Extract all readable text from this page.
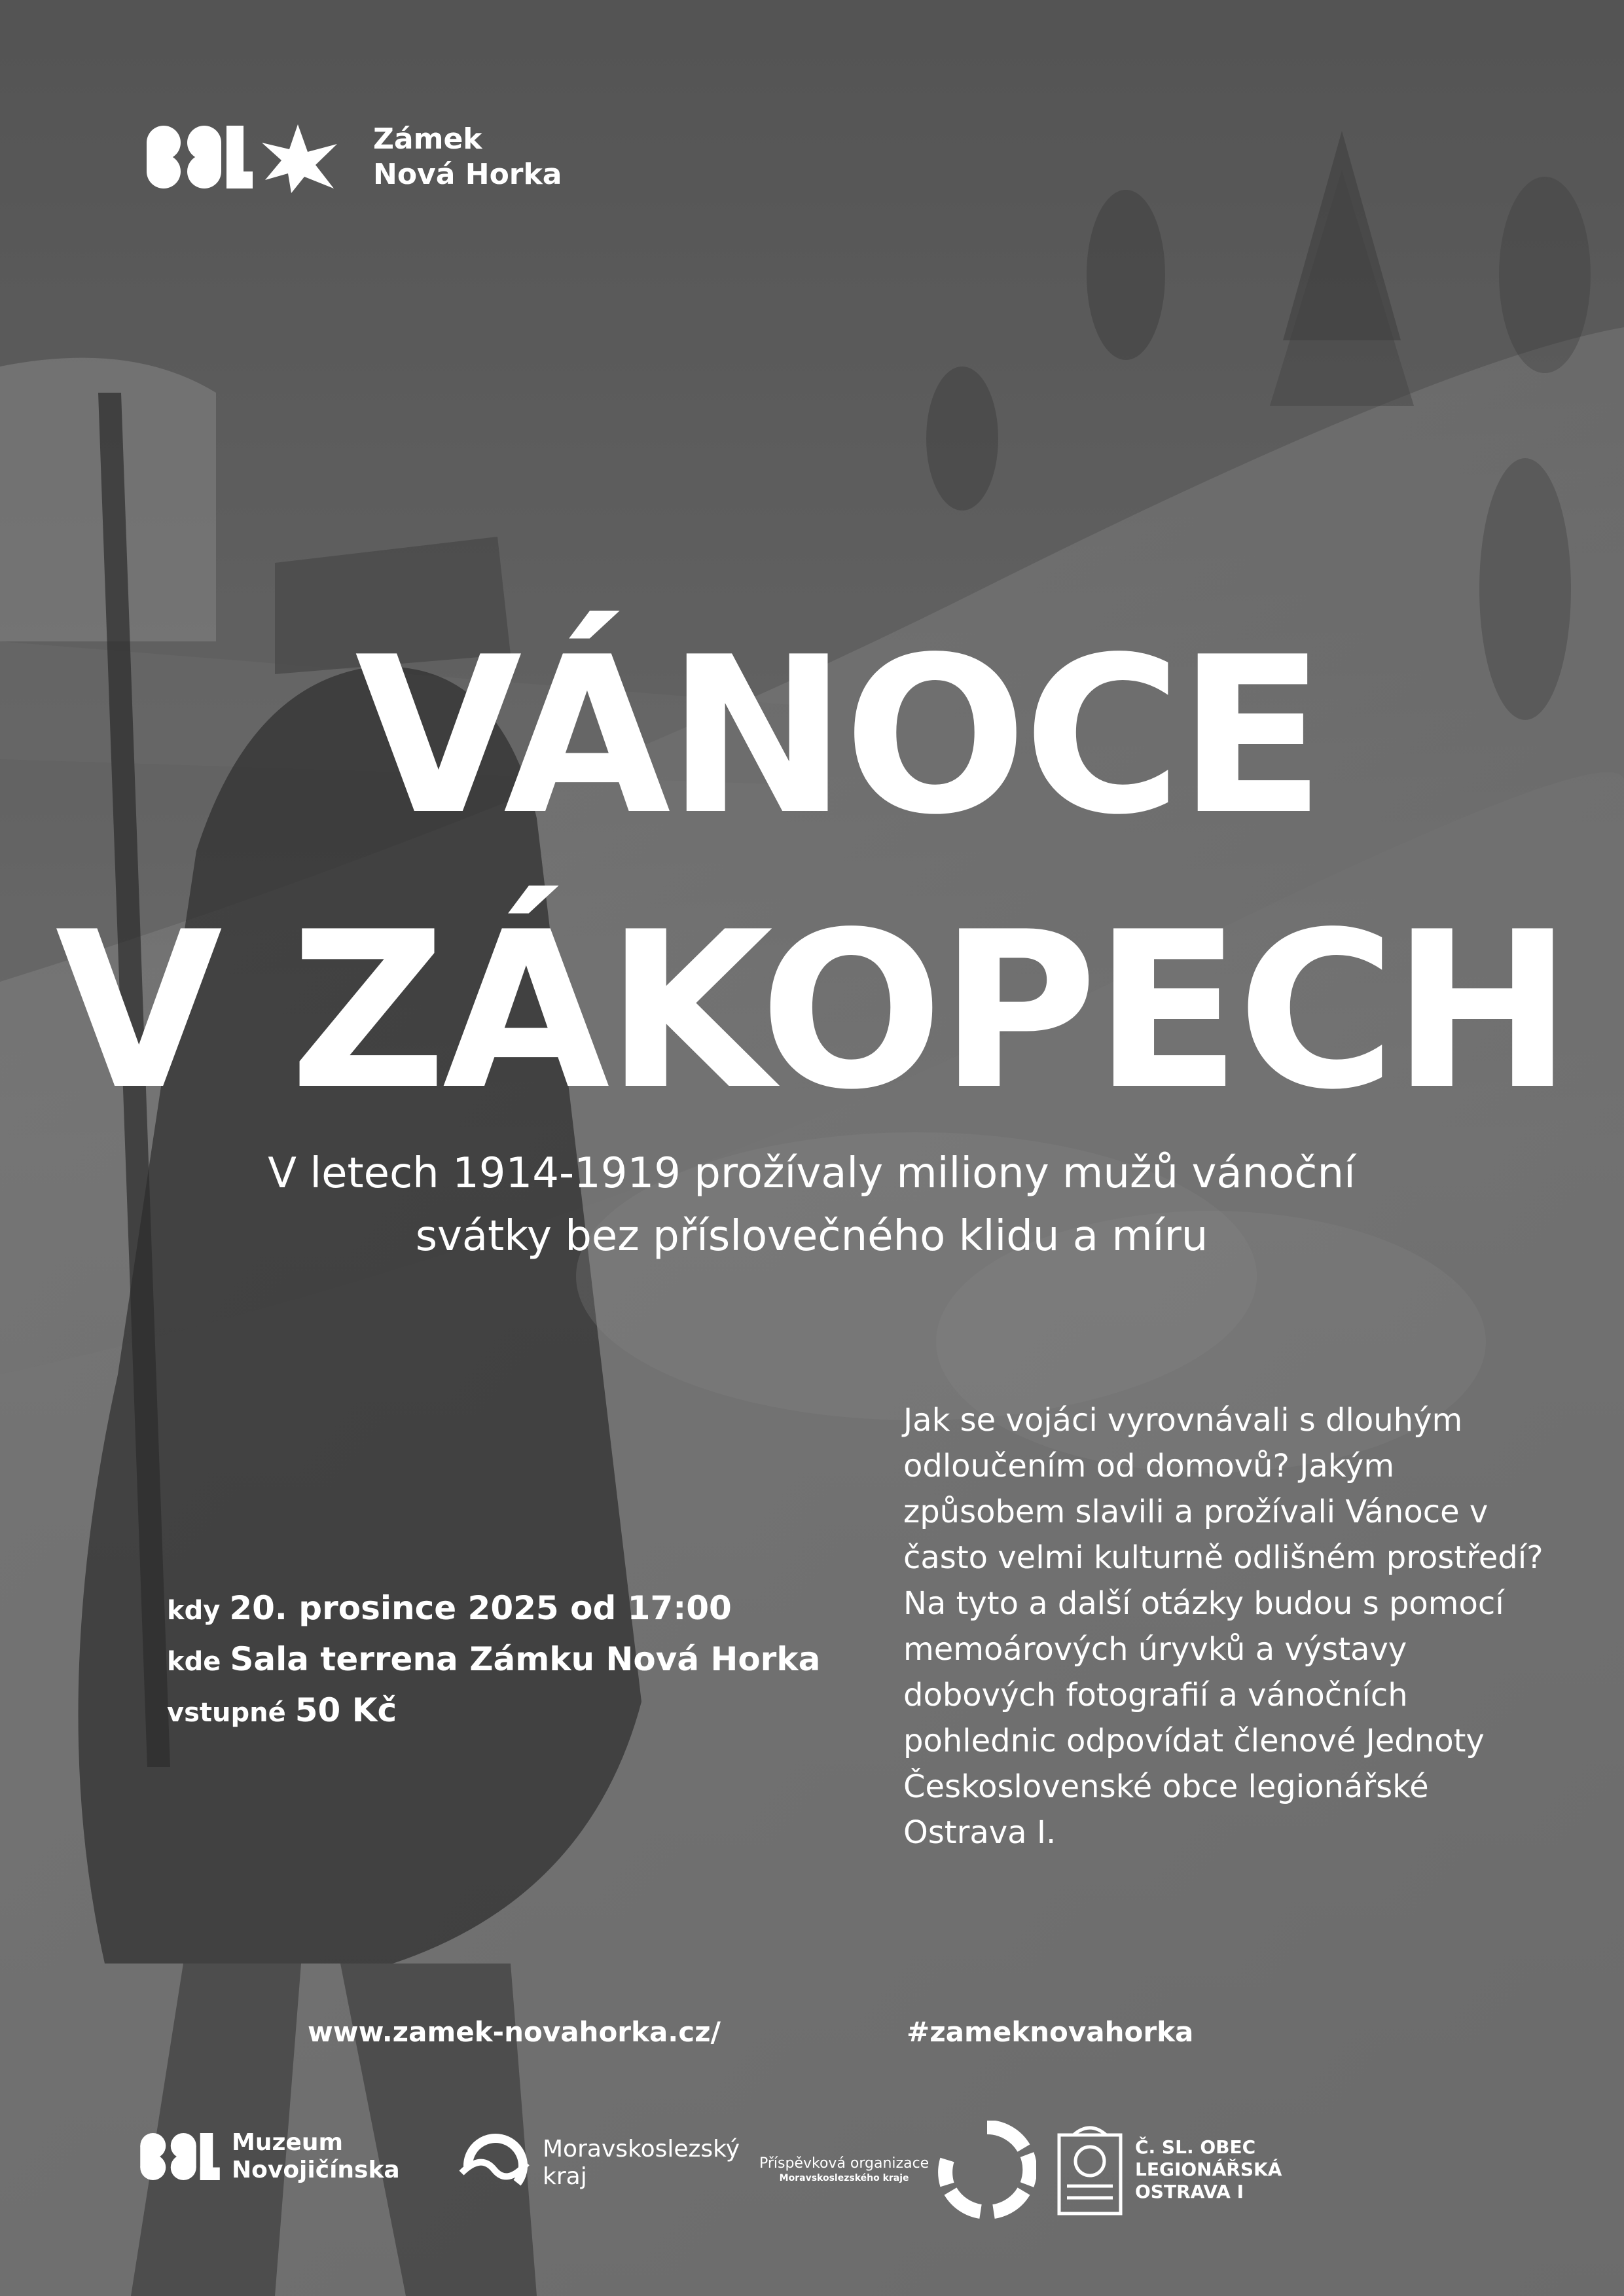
Zámek
Nová Horka
VÁNOCE
V ZÁKOPECH
V letech 1914-1919 prožívaly miliony mužů vánoční
svátky bez příslovečného klidu a míru
Jak se vojáci vyrovnávali s dlouhým odloučením od domovů? Jakým způsobem slavili a prožívali Vánoce v často velmi kulturně odlišném prostředí? Na tyto a další otázky budou s pomocí memoárových úryvků a výstavy dobových fotografií a vánočních pohlednic odpovídat členové Jednoty Československé obce legionářské Ostrava I.
kdy 20. prosince 2025 od 17:00
kde Sala terrena Zámku Nová Horka
vstupné 50 Kč
www.zamek-novahorka.cz/	#zameknovahorka
Muzeum
Novojičínska
Moravskoslezský
kraj	Příspěvková organizace
Moravskoslezského kraje
Č. SL. OBEC
LEGIONÁŘSKÁ
OSTRAVA I
